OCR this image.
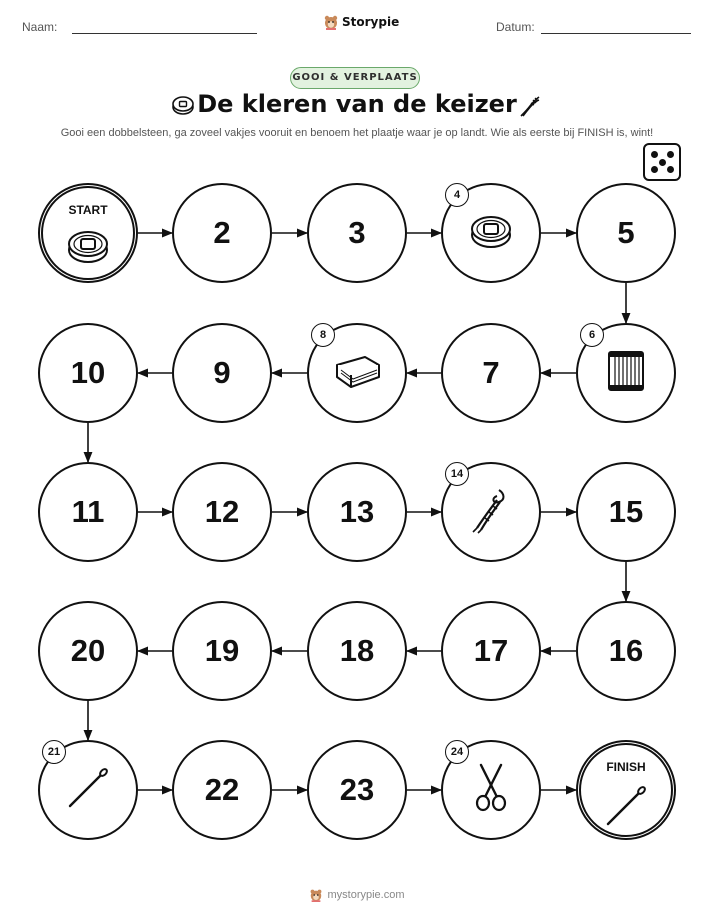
Naam:	Storypie	Datum:
GOOI & VERPLAATS
De kleren van de keizer
Gooi een dobbelsteen, ga zoveel vakjes vooruit en benoem het plaatje waar je op landt. Wie als eerste bij FINISH is, wint!
START
2	3
4
5
6
7
8
9
10
11	12	13
14
15
16
17
18
19
20
21
22	23
24
FINISH
mystorypie.com
